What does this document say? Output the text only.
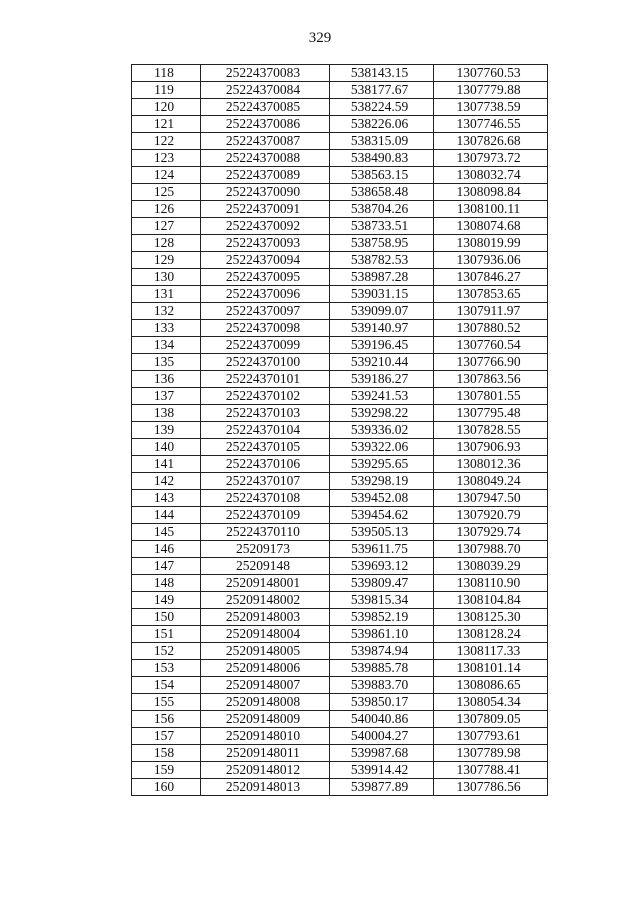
329
118	25224370083	538143.15	1307760.53
119	25224370084	538177.67	1307779.88
120	25224370085	538224.59	1307738.59
121	25224370086	538226.06	1307746.55
122	25224370087	538315.09	1307826.68
123	25224370088	538490.83	1307973.72
124	25224370089	538563.15	1308032.74
125	25224370090	538658.48	1308098.84
126	25224370091	538704.26	1308100.11
127	25224370092	538733.51	1308074.68
128	25224370093	538758.95	1308019.99
129	25224370094	538782.53	1307936.06
130	25224370095	538987.28	1307846.27
131	25224370096	539031.15	1307853.65
132	25224370097	539099.07	1307911.97
133	25224370098	539140.97	1307880.52
134	25224370099	539196.45	1307760.54
135	25224370100	539210.44	1307766.90
136	25224370101	539186.27	1307863.56
137	25224370102	539241.53	1307801.55
138	25224370103	539298.22	1307795.48
139	25224370104	539336.02	1307828.55
140	25224370105	539322.06	1307906.93
141	25224370106	539295.65	1308012.36
142	25224370107	539298.19	1308049.24
143	25224370108	539452.08	1307947.50
144	25224370109	539454.62	1307920.79
145	25224370110	539505.13	1307929.74
146	25209173	539611.75	1307988.70
147	25209148	539693.12	1308039.29
148	25209148001	539809.47	1308110.90
149	25209148002	539815.34	1308104.84
150	25209148003	539852.19	1308125.30
151	25209148004	539861.10	1308128.24
152	25209148005	539874.94	1308117.33
153	25209148006	539885.78	1308101.14
154	25209148007	539883.70	1308086.65
155	25209148008	539850.17	1308054.34
156	25209148009	540040.86	1307809.05
157	25209148010	540004.27	1307793.61
158	25209148011	539987.68	1307789.98
159	25209148012	539914.42	1307788.41
160	25209148013	539877.89	1307786.56
